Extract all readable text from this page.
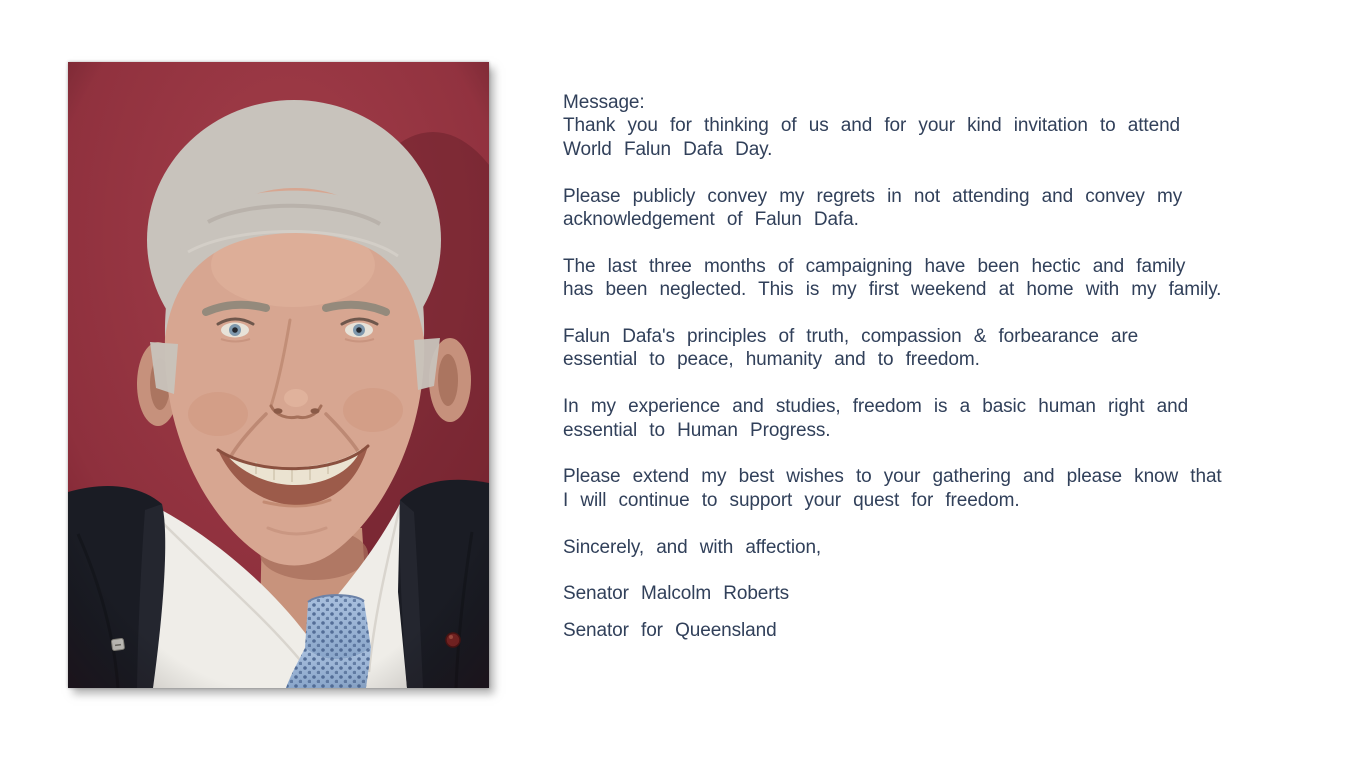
Message:
Thank you for thinking of us and for your kind invitation to attend
World Falun Dafa Day.

Please publicly convey my regrets in not attending and convey my
acknowledgement of Falun Dafa.

The last three months of campaigning have been hectic and family
has been neglected. This is my first weekend at home with my family.

Falun Dafa's principles of truth, compassion & forbearance are
essential to peace, humanity and to freedom.

In my experience and studies, freedom is a basic human right and
essential to Human Progress.

Please extend my best wishes to your gathering and please know that
I will continue to support your quest for freedom.

Sincerely, and with affection,

Senator Malcolm Roberts

Senator for Queensland
